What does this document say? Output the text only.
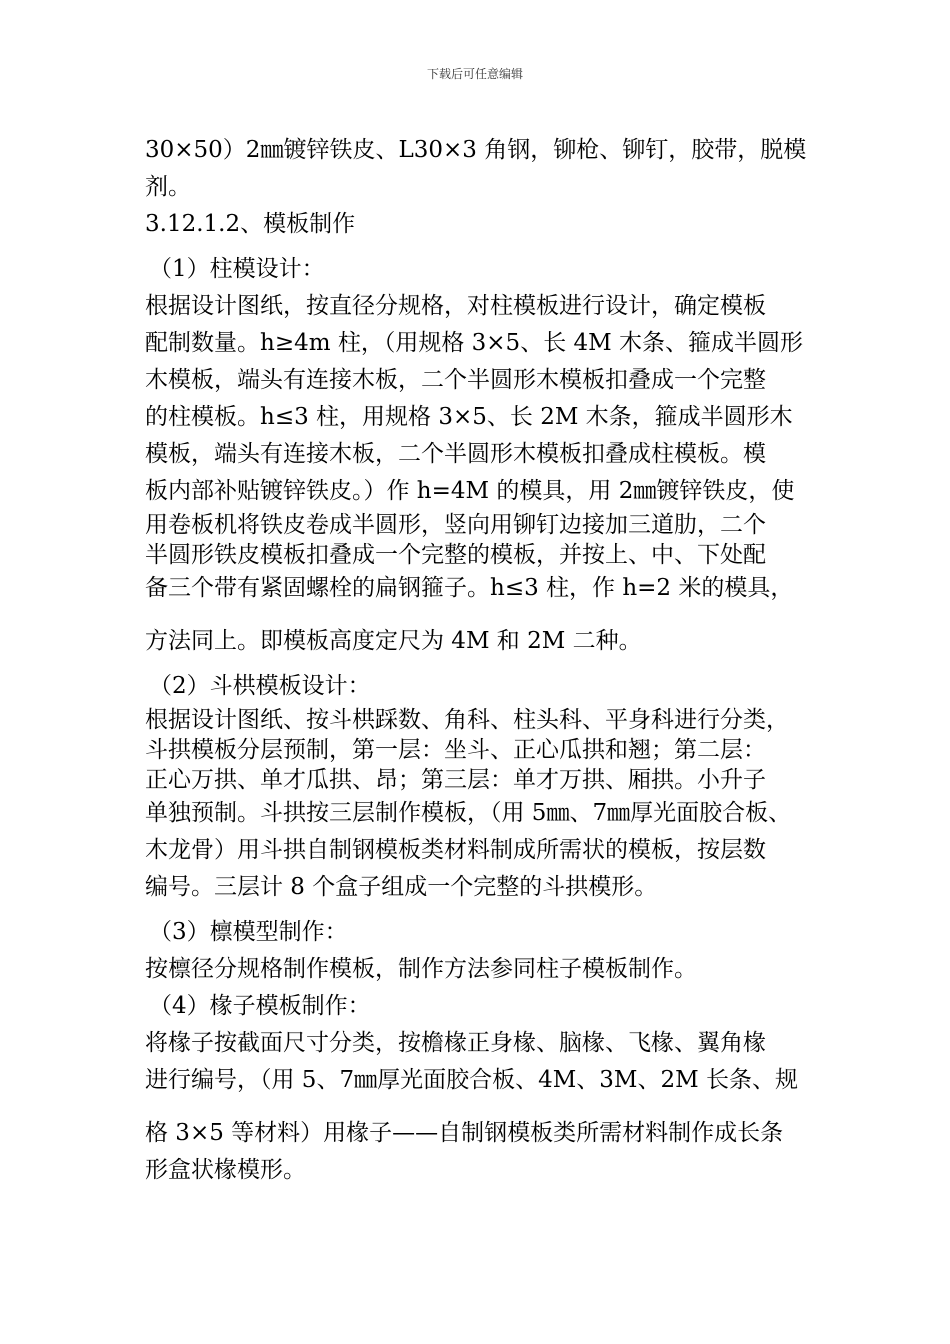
下载后可任意编辑
30×50）2㎜镀锌铁皮、L30×3 角钢，铆枪、铆钉，胶带，脱模
剂。
3.12.1.2、模板制作
（1）柱模设计：
根据设计图纸，按直径分规格，对柱模板进行设计，确定模板
配制数量。h≥4m 柱，（用规格 3×5、长 4M 木条、箍成半圆形
木模板，端头有连接木板，二个半圆形木模板扣叠成一个完整
的柱模板。h≤3 柱，用规格 3×5、长 2M 木条，箍成半圆形木
模板，端头有连接木板，二个半圆形木模板扣叠成柱模板。模
板内部补贴镀锌铁皮。）作 h=4M 的模具，用 2㎜镀锌铁皮，使
用卷板机将铁皮卷成半圆形，竖向用铆钉边接加三道肋，二个
半圆形铁皮模板扣叠成一个完整的模板，并按上、中、下处配
备三个带有紧固螺栓的扁钢箍子。h≤3 柱，作 h=2 米的模具，
方法同上。即模板高度定尺为 4M 和 2M 二种。
（2）斗栱模板设计：
根据设计图纸、按斗栱踩数、角科、柱头科、平身科进行分类，
斗拱模板分层预制，第一层：坐斗、正心瓜拱和翘；第二层：
正心万拱、单才瓜拱、昂；第三层：单才万拱、厢拱。小升子
单独预制。斗拱按三层制作模板，（用 5㎜、7㎜厚光面胶合板、
木龙骨）用斗拱自制钢模板类材料制成所需状的模板，按层数
编号。三层计 8 个盒子组成一个完整的斗拱模形。
（3）檩模型制作：
按檩径分规格制作模板，制作方法参同柱子模板制作。
（4）椽子模板制作：
将椽子按截面尺寸分类，按檐椽正身椽、脑椽、飞椽、翼角椽
进行编号，（用 5、7㎜厚光面胶合板、4M、3M、2M 长条、规
格 3×5 等材料）用椽子——自制钢模板类所需材料制作成长条
形盒状椽模形。
